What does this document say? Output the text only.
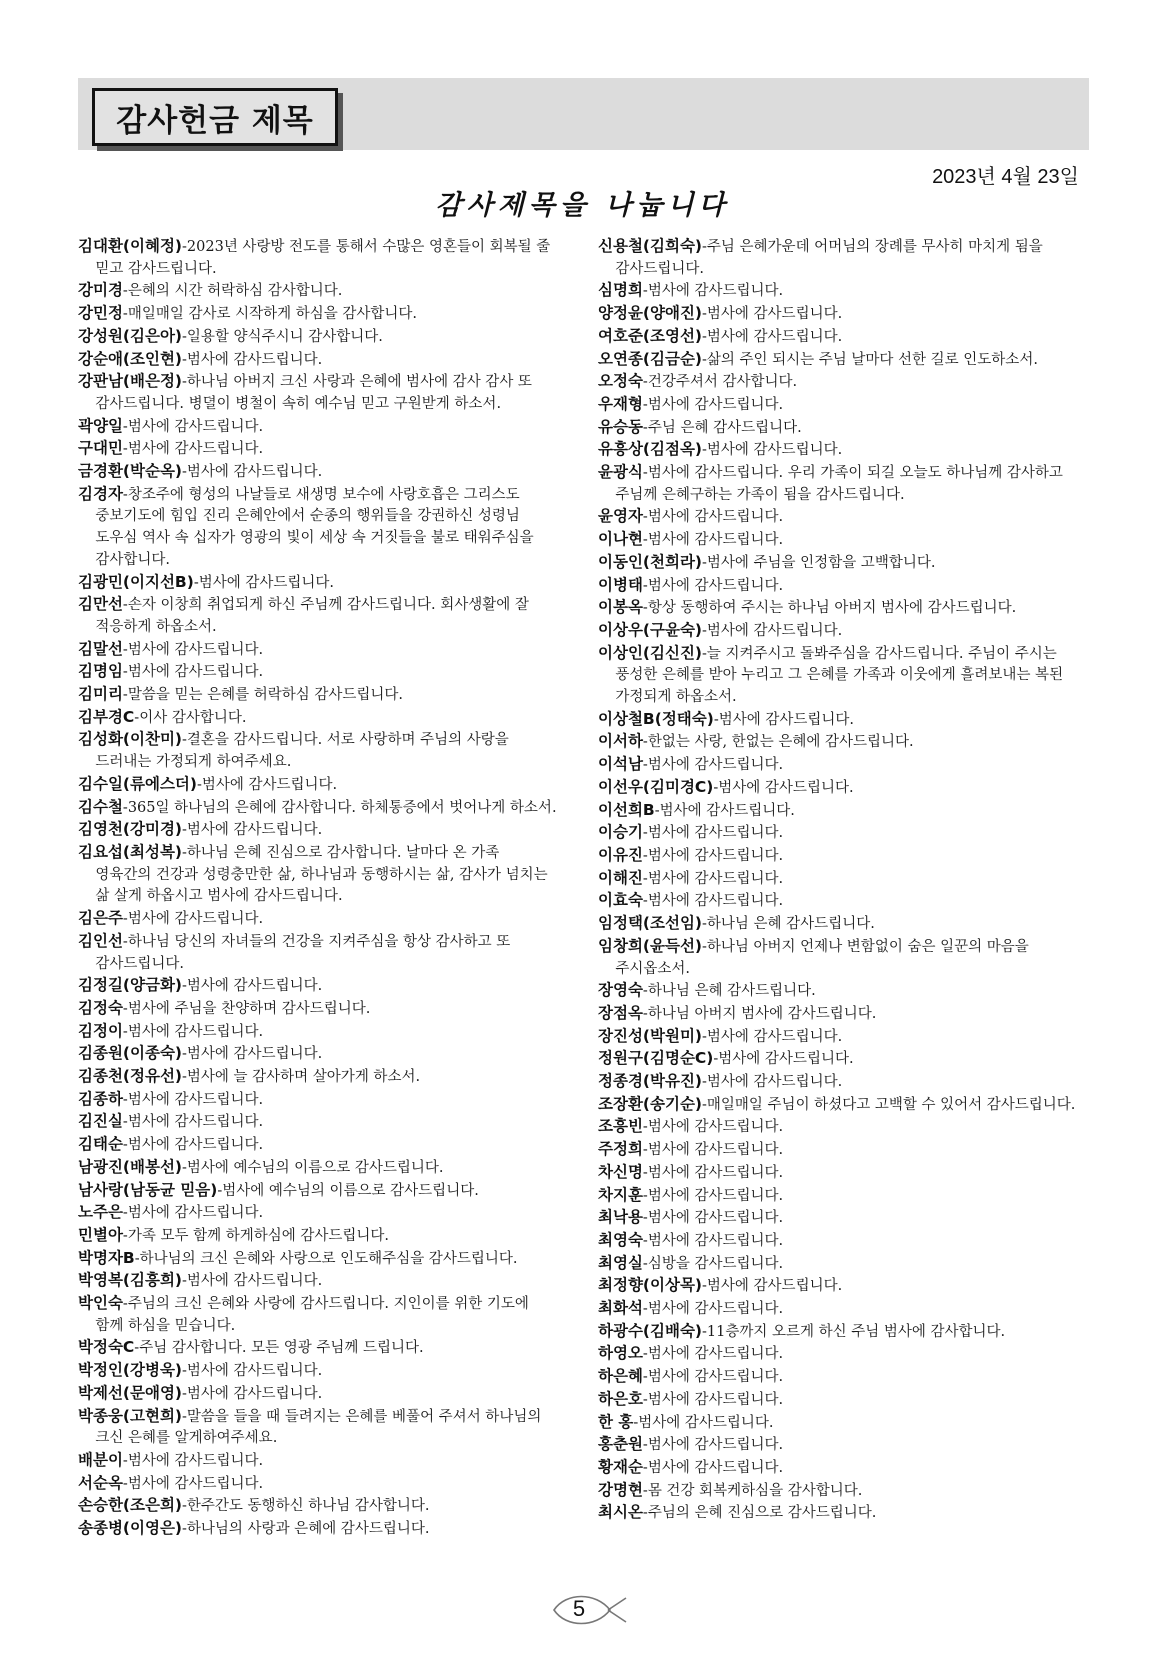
감사헌금 제목
2023년 4월 23일
감사제목을 나눕니다
김대환(이혜정)-2023년 사랑방 전도를 통해서 수많은 영혼들이 회복될 줄 믿고 감사드립니다.
강미경-은혜의 시간 허락하심 감사합니다.
강민정-매일매일 감사로 시작하게 하심을 감사합니다.
강성원(김은아)-일용할 양식주시니 감사합니다.
강순애(조인현)-범사에 감사드립니다.
강판남(배은정)-하나님 아버지 크신 사랑과 은혜에 범사에 감사 감사 또 감사드립니다. 병뎔이 병철이 속히 예수님 믿고 구원받게 하소서.
곽양일-범사에 감사드립니다.
구대민-범사에 감사드립니다.
금경환(박순옥)-범사에 감사드립니다.
김경자-창조주에 형성의 나날들로 새생명 보수에 사랑호흡은 그리스도 중보기도에 힘입 진리 은혜안에서 순종의 행위들을 강권하신 성령님 도우심 역사 속 십자가 영광의 빛이 세상 속 거짓들을 불로 태워주심을 감사합니다.
김광민(이지선B)-범사에 감사드립니다.
김만선-손자 이창희 취업되게 하신 주님께 감사드립니다. 회사생활에 잘 적응하게 하옵소서.
김말선-범사에 감사드립니다.
김명임-범사에 감사드립니다.
김미리-말씀을 믿는 은혜를 허락하심 감사드립니다.
김부경C-이사 감사합니다.
김성화(이찬미)-결혼을 감사드립니다. 서로 사랑하며 주님의 사랑을 드러내는 가정되게 하여주세요.
김수일(류에스더)-범사에 감사드립니다.
김수철-365일 하나님의 은혜에 감사합니다. 하체통증에서 벗어나게 하소서.
김영천(강미경)-범사에 감사드립니다.
김요섭(최성복)-하나님 은혜 진심으로 감사합니다. 날마다 온 가족 영육간의 건강과 성령충만한 삶, 하나님과 동행하시는 삶, 감사가 넘치는 삶 살게 하옵시고 범사에 감사드립니다.
김은주-범사에 감사드립니다.
김인선-하나님 당신의 자녀들의 건강을 지켜주심을 항상 감사하고 또 감사드립니다.
김정길(양금화)-범사에 감사드립니다.
김정숙-범사에 주님을 찬양하며 감사드립니다.
김정이-범사에 감사드립니다.
김종원(이종숙)-범사에 감사드립니다.
김종천(정유선)-범사에 늘 감사하며 살아가게 하소서.
김종하-범사에 감사드립니다.
김진실-범사에 감사드립니다.
김태순-범사에 감사드립니다.
남광진(배봉선)-범사에 예수님의 이름으로 감사드립니다.
남사랑(남동균 믿음)-범사에 예수님의 이름으로 감사드립니다.
노주은-범사에 감사드립니다.
민별아-가족 모두 함께 하게하심에 감사드립니다.
박명자B-하나님의 크신 은혜와 사랑으로 인도해주심을 감사드립니다.
박영복(김흥희)-범사에 감사드립니다.
박인숙-주님의 크신 은혜와 사랑에 감사드립니다. 지인이를 위한 기도에 함께 하심을 믿습니다.
박정숙C-주님 감사합니다. 모든 영광 주님께 드립니다.
박정인(강병욱)-범사에 감사드립니다.
박제선(문애영)-범사에 감사드립니다.
박종웅(고현희)-말씀을 들을 때 들려지는 은혜를 베풀어 주셔서 하나님의 크신 은혜를 알게하여주세요.
배분이-범사에 감사드립니다.
서순옥-범사에 감사드립니다.
손승한(조은희)-한주간도 동행하신 하나님 감사합니다.
송종병(이영은)-하나님의 사랑과 은혜에 감사드립니다.
신용철(김희숙)-주님 은혜가운데 어머님의 장례를 무사히 마치게 됨을 감사드립니다.
심명희-범사에 감사드립니다.
양정윤(양애진)-범사에 감사드립니다.
여호준(조영선)-범사에 감사드립니다.
오연종(김금순)-삶의 주인 되시는 주님 날마다 선한 길로 인도하소서.
오정숙-건강주셔서 감사합니다.
우재형-범사에 감사드립니다.
유승동-주님 은혜 감사드립니다.
유흥상(김점옥)-범사에 감사드립니다.
윤광식-범사에 감사드립니다. 우리 가족이 되길 오늘도 하나님께 감사하고 주님께 은혜구하는 가족이 됨을 감사드립니다.
윤영자-범사에 감사드립니다.
이나현-범사에 감사드립니다.
이동인(천희라)-범사에 주님을 인정함을 고백합니다.
이병태-범사에 감사드립니다.
이봉옥-항상 동행하여 주시는 하나님 아버지 범사에 감사드립니다.
이상우(구윤숙)-범사에 감사드립니다.
이상인(김신진)-늘 지켜주시고 돌봐주심을 감사드립니다. 주님이 주시는 풍성한 은혜를 받아 누리고 그 은혜를 가족과 이웃에게 흘려보내는 복된 가정되게 하옵소서.
이상철B(정태숙)-범사에 감사드립니다.
이서하-한없는 사랑, 한없는 은혜에 감사드립니다.
이석남-범사에 감사드립니다.
이선우(김미경C)-범사에 감사드립니다.
이선희B-범사에 감사드립니다.
이승기-범사에 감사드립니다.
이유진-범사에 감사드립니다.
이해진-범사에 감사드립니다.
이효숙-범사에 감사드립니다.
임정택(조선임)-하나님 은혜 감사드립니다.
임창희(윤득선)-하나님 아버지 언제나 변함없이 숨은 일꾼의 마음을 주시옵소서.
장영숙-하나님 은혜 감사드립니다.
장점옥-하나님 아버지 범사에 감사드립니다.
장진성(박원미)-범사에 감사드립니다.
정원구(김명순C)-범사에 감사드립니다.
정종경(박유진)-범사에 감사드립니다.
조장환(송기순)-매일매일 주님이 하셨다고 고백할 수 있어서 감사드립니다.
조흥빈-범사에 감사드립니다.
주정희-범사에 감사드립니다.
차신명-범사에 감사드립니다.
차지훈-범사에 감사드립니다.
최낙용-범사에 감사드립니다.
최영숙-범사에 감사드립니다.
최영실-심방을 감사드립니다.
최정향(이상목)-범사에 감사드립니다.
최화석-범사에 감사드립니다.
하광수(김배숙)-11층까지 오르게 하신 주님 범사에 감사합니다.
하영오-범사에 감사드립니다.
하은혜-범사에 감사드립니다.
하은호-범사에 감사드립니다.
한 홍-범사에 감사드립니다.
홍춘원-범사에 감사드립니다.
황재순-범사에 감사드립니다.
강명현-몸 건강 회복케하심을 감사합니다.
최시온-주님의 은혜 진심으로 감사드립니다.
5
